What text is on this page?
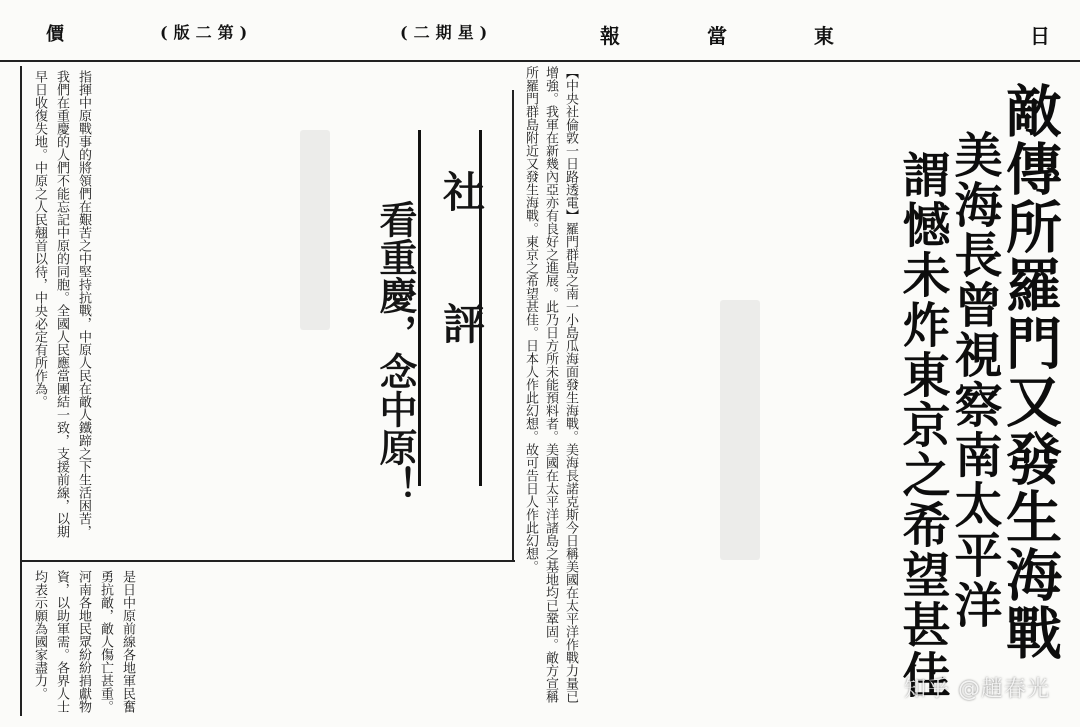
價	(版二第)	(二期星)	報 當 東	日
敵傳所羅門又發生海戰
美海長曾視察南太平洋
謂憾未炸東京之希望甚佳
【中央社倫敦一日路透電】羅門群島之南一小島瓜海面發生海戰。美海長諾克斯今日稱美國在太平洋作戰力量已增強。我軍在新幾內亞亦有良好之進展。此乃日方所未能預料者。美國在太平洋諸島之基地均已鞏固。敵方宣稱所羅門群島附近又發生海戰。東京之希望甚佳。日本人作此幻想。故可告日人作此幻想。
社評
看重慶，念中原！
指揮中原戰事的將領們在艱苦之中堅持抗戰，中原人民在敵人鐵蹄之下生活困苦，我們在重慶的人們不能忘記中原的同胞。全國人民應當團結一致，支援前線，以期早日收復失地。中原之人民翹首以待，中央必定有所作為。
是日中原前線各地軍民奮勇抗敵，敵人傷亡甚重。河南各地民眾紛紛捐獻物資，以助軍需。各界人士均表示願為國家盡力。	知乎 @趙春光
